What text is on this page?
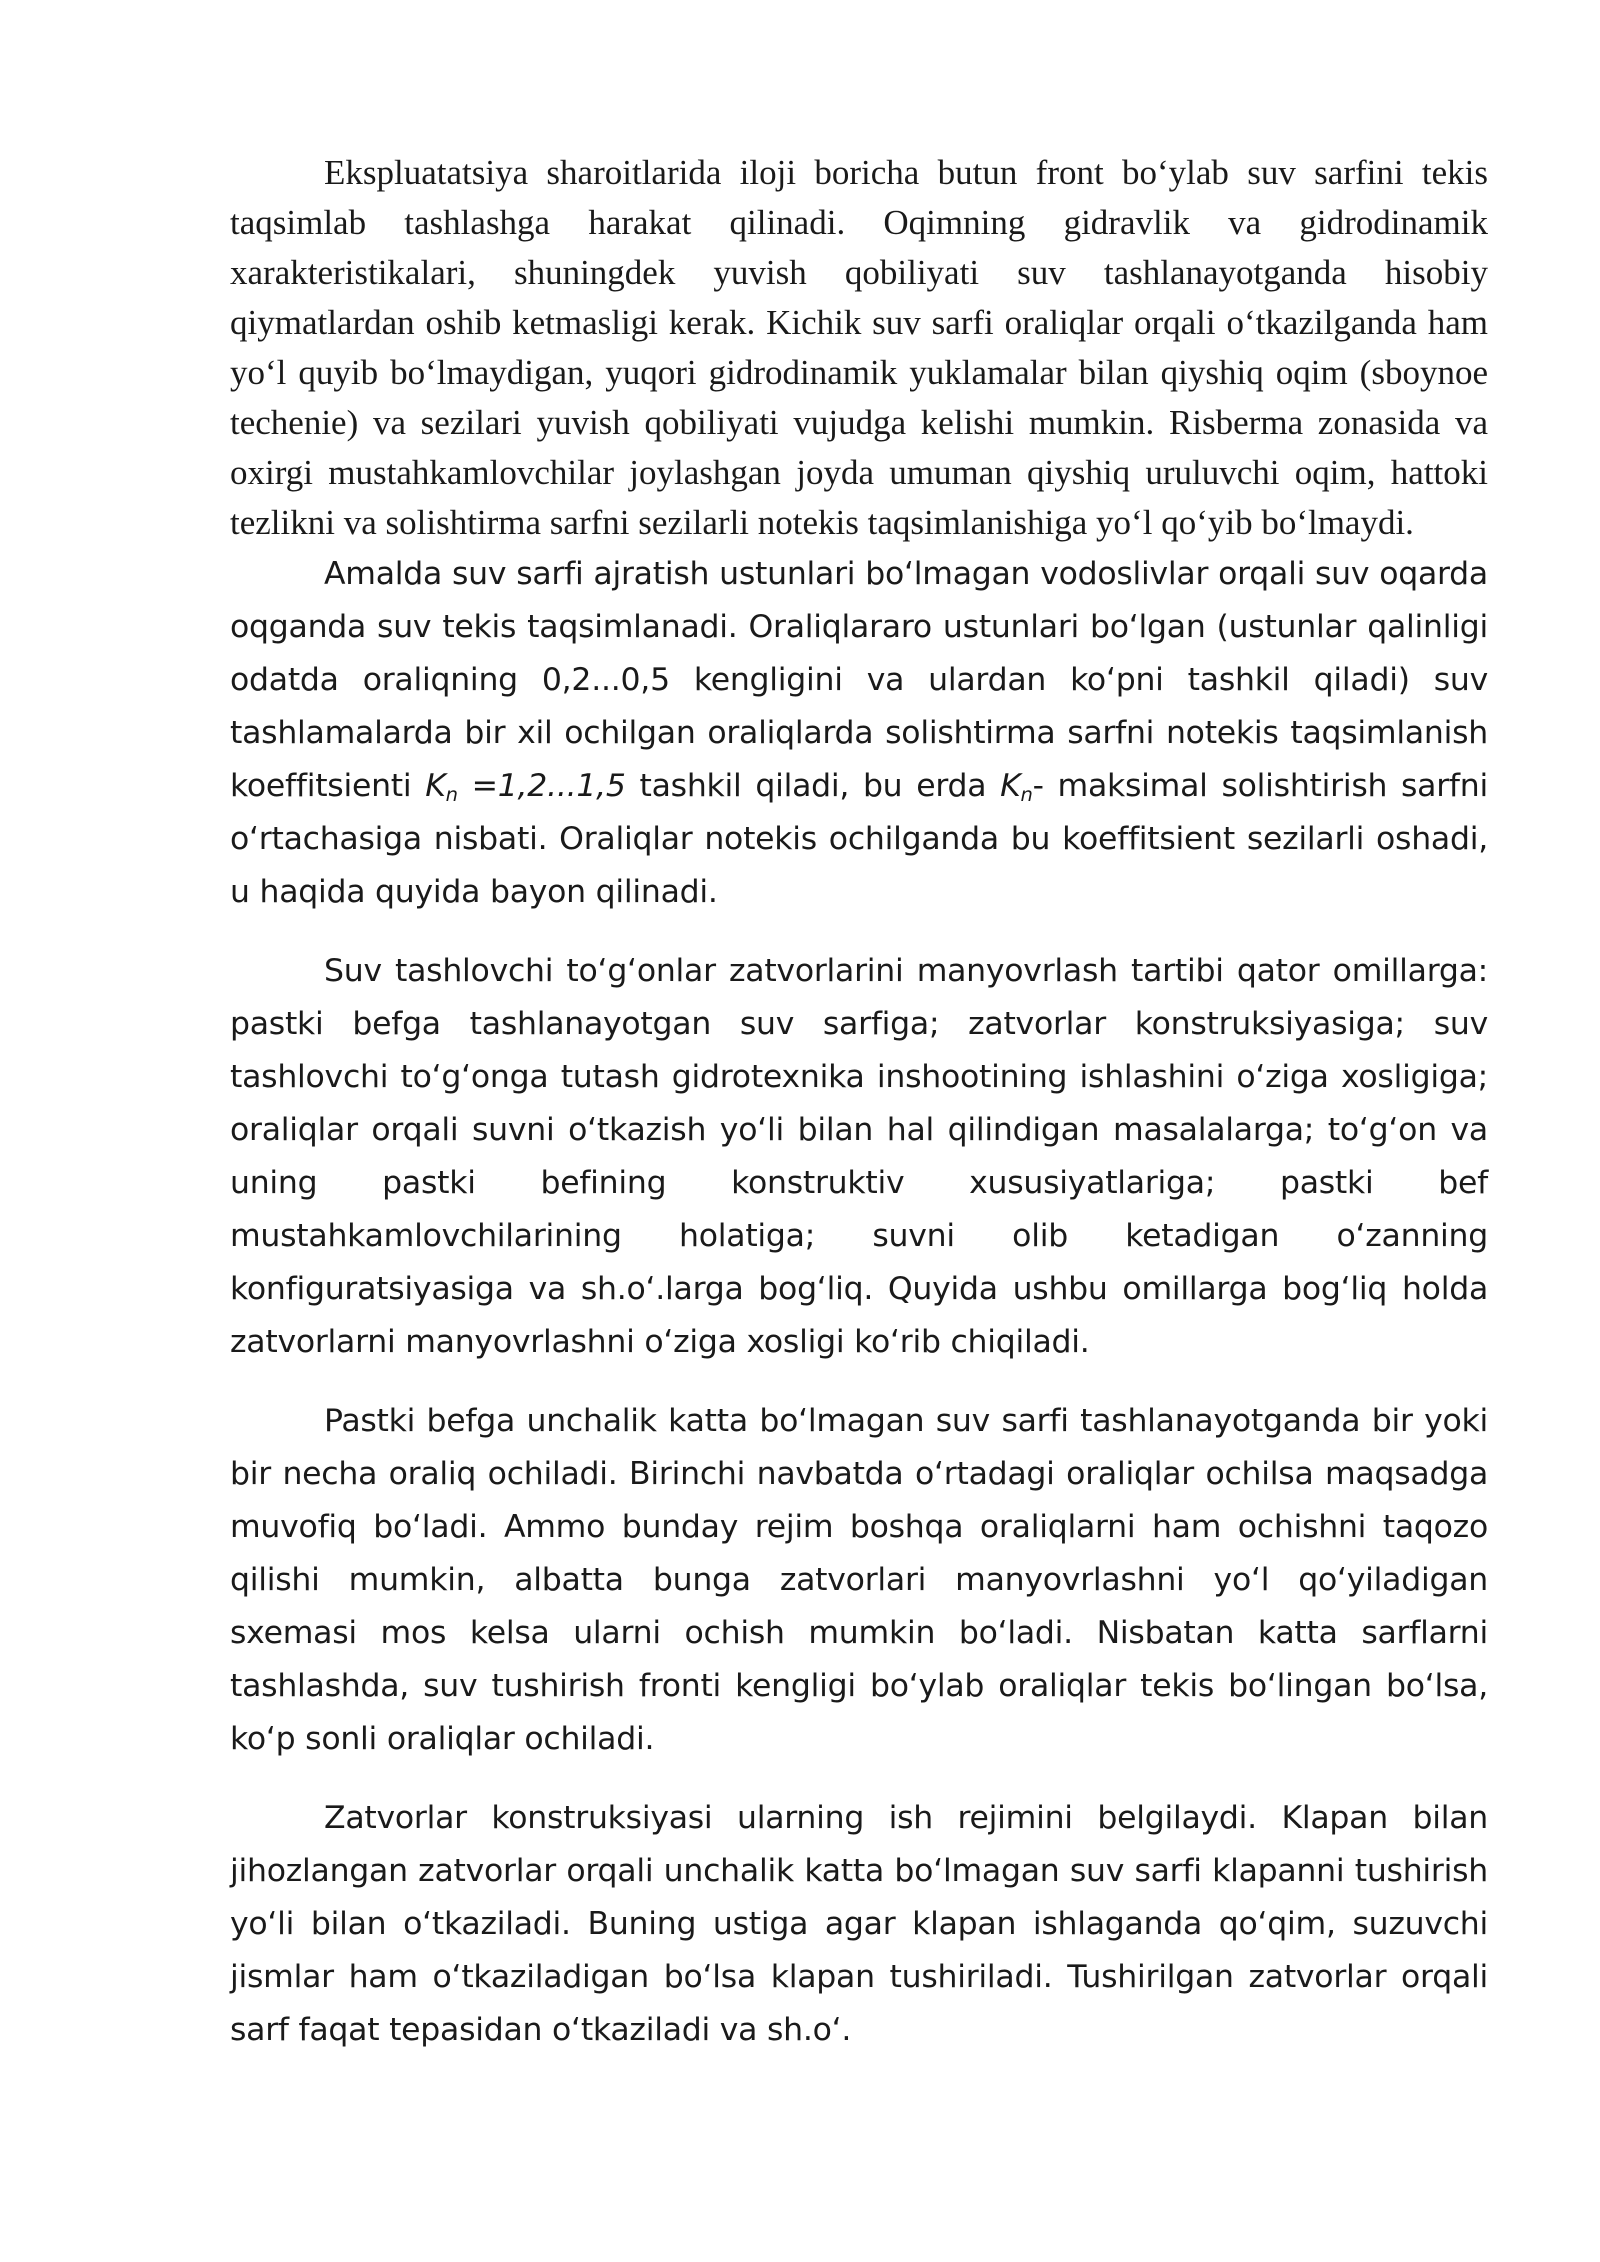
Ekspluatatsiya sharoitlarida iloji boricha butun front bo‘ylab suv sarfini tekis taqsimlab tashlashga harakat qilinadi. Oqimning gidravlik va gidrodinamik xarakteristikalari, shuningdek yuvish qobiliyati suv tashlanayotganda hisobiy qiymatlardan oshib ketmasligi kerak. Kichik suv sarfi oraliqlar orqali o‘tkazilganda ham yo‘l quyib bo‘lmaydigan, yuqori gidrodinamik yuklamalar bilan qiyshiq oqim (sboynoe techenie) va sezilari yuvish qobiliyati vujudga kelishi mumkin. Risberma zonasida va oxirgi mustahkamlovchilar joylashgan joyda umuman qiyshiq uruluvchi oqim, hattoki tezlikni va solishtirma sarfni sezilarli notekis taqsimlanishiga yo‘l qo‘yib bo‘lmaydi.

Amalda suv sarfi ajratish ustunlari boʻlmagan vodoslivlar orqali suv oqarda oqganda suv tekis taqsimlanadi. Oraliqlararo ustunlari boʻlgan (ustunlar qalinligi odatda oraliqning 0,2...0,5 kengligini va ulardan koʻpni tashkil qiladi) suv tashlamalarda bir xil ochilgan oraliqlarda solishtirma sarfni notekis taqsimlanish koeffitsienti $K_n =1,2...1,5$ tashkil qiladi, bu erda $K_n-$ maksimal solishtirish sarfni oʻrtachasiga nisbati. Oraliqlar notekis ochilganda bu koeffitsient sezilarli oshadi, u haqida quyida bayon qilinadi.

Suv tashlovchi toʻgʻonlar zatvorlarini manyovrlash tartibi qator omillarga: pastki befga tashlanayotgan suv sarfiga; zatvorlar konstruksiyasiga; suv tashlovchi toʻgʻonga tutash gidrotexnika inshootining ishlashini oʻziga xosligiga; oraliqlar orqali suvni oʻtkazish yoʻli bilan hal qilindigan masalalarga; toʻgʻon va uning pastki befining konstruktiv xususiyatlariga; pastki bef mustahkamlovchilarining holatiga; suvni olib ketadigan oʻzanning konfiguratsiyasiga va sh.oʻ.larga bogʻliq. Quyida ushbu omillarga bogʻliq holda zatvorlarni manyovrlashni oʻziga xosligi koʻrib chiqiladi.

Pastki befga unchalik katta boʻlmagan suv sarfi tashlanayotganda bir yoki bir necha oraliq ochiladi. Birinchi navbatda oʻrtadagi oraliqlar ochilsa maqsadga muvofiq boʻladi. Ammo bunday rejim boshqa oraliqlarni ham ochishni taqozo qilishi mumkin, albatta bunga zatvorlari manyovrlashni yoʻl qoʻyiladigan sxemasi mos kelsa ularni ochish mumkin boʻladi. Nisbatan katta sarflarni tashlashda, suv tushirish fronti kengligi boʻylab oraliqlar tekis boʻlingan boʻlsa, koʻp sonli oraliqlar ochiladi.

Zatvorlar konstruksiyasi ularning ish rejimini belgilaydi. Klapan bilan jihozlangan zatvorlar orqali unchalik katta boʻlmagan suv sarfi klapanni tushirish yoʻli bilan oʻtkaziladi. Buning ustiga agar klapan ishlaganda qoʻqim, suzuvchi jismlar ham oʻtkaziladigan boʻlsa klapan tushiriladi. Tushirilgan zatvorlar orqali sarf faqat tepasidan oʻtkaziladi va sh.oʻ.
